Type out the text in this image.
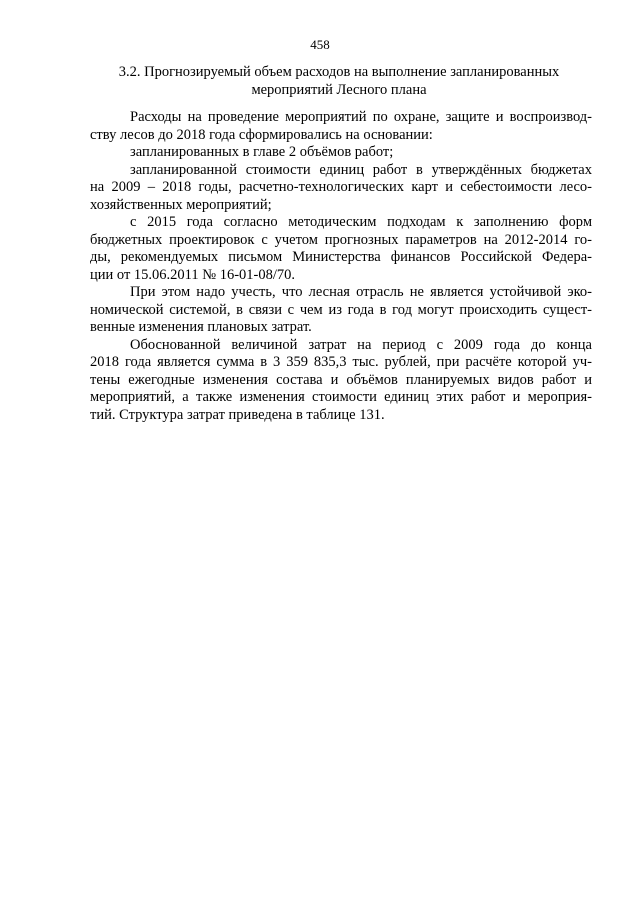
458
3.2. Прогнозируемый объем расходов на выполнение запланированных
мероприятий Лесного плана
Расходы на проведение мероприятий по охране, защите и воспроизвод-
ству лесов до 2018 года сформировались на основании:
запланированных в главе 2 объёмов работ;
запланированной стоимости единиц работ в утверждённых бюджетах
на 2009 – 2018 годы, расчетно-технологических карт и себестоимости лесо-
хозяйственных мероприятий;
с 2015 года согласно методическим подходам к заполнению форм
бюджетных проектировок с учетом прогнозных параметров на 2012-2014 го-
ды, рекомендуемых письмом Министерства финансов Российской Федера-
ции от 15.06.2011 № 16-01-08/70.
При этом надо учесть, что лесная отрасль не является устойчивой эко-
номической системой, в связи с чем из года в год могут происходить сущест-
венные изменения плановых затрат.
Обоснованной величиной затрат на период с 2009 года до конца
2018 года является сумма в 3 359 835,3 тыс. рублей, при расчёте которой уч-
тены ежегодные изменения состава и объёмов планируемых видов работ и
мероприятий, а также изменения стоимости единиц этих работ и мероприя-
тий. Структура затрат приведена в таблице 131.
